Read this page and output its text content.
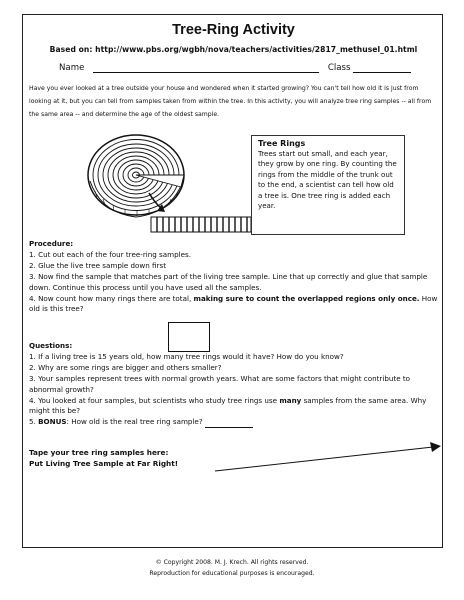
Tree-Ring Activity
Based on: http://www.pbs.org/wgbh/nova/teachers/activities/2817_methusel_01.html
Name	Class
Have you ever looked at a tree outside your house and wondered when it started growing? You can't tell how old it is just from looking at it, but you can tell from samples taken from within the tree. In this activity, you will analyze tree ring samples -- all from the same area -- and determine the age of the oldest sample.
Tree Rings
Trees start out small, and each year, they grow by one ring. By counting the rings from the middle of the trunk out to the end, a scientist can tell how old a tree is. One tree ring is added each year.
Procedure:
1. Cut out each of the four tree-ring samples.
2. Glue the live tree sample down first
3. Now find the sample that matches part of the living tree sample. Line that up correctly and glue that sample down. Continue this process until you have used all the samples.
4. Now count how many rings there are total, making sure to count the overlapped regions only once. How old is this tree?
Questions:
1. If a living tree is 15 years old, how many tree rings would it have? How do you know?
2. Why are some rings are bigger and others smaller?
3. Your samples represent trees with normal growth years. What are some factors that might contribute to abnormal growth?
4. You looked at four samples, but scientists who study tree rings use many samples from the same area. Why might this be?
5. BONUS: How old is the real tree ring sample?
Tape your tree ring samples here:
Put Living Tree Sample at Far Right!
© Copyright 2008. M. J. Krech. All rights reserved.
Reproduction for educational purposes is encouraged.
